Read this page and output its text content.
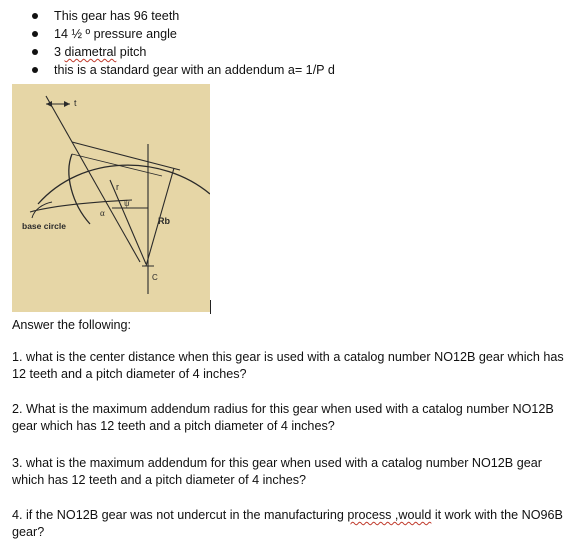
This gear has 96 teeth
14 ½ º pressure angle
3 diametral pitch
this is a standard gear with an addendum a= 1/P d
t
r
ψ
α
Rb
C
base circle
Answer the following:

1. what is the center distance when this gear is used with a catalog number NO12B gear which has 12 teeth and a pitch diameter of 4 inches?

2. What is the maximum addendum radius for this gear when used with a catalog number NO12B gear which has 12 teeth and a pitch diameter of 4 inches?

3. what is the maximum addendum for this gear when used with a catalog number NO12B gear which has 12 teeth and a pitch diameter of 4 inches?

4. if the NO12B gear was not undercut in the manufacturing process ,would it work with the NO96B gear?
